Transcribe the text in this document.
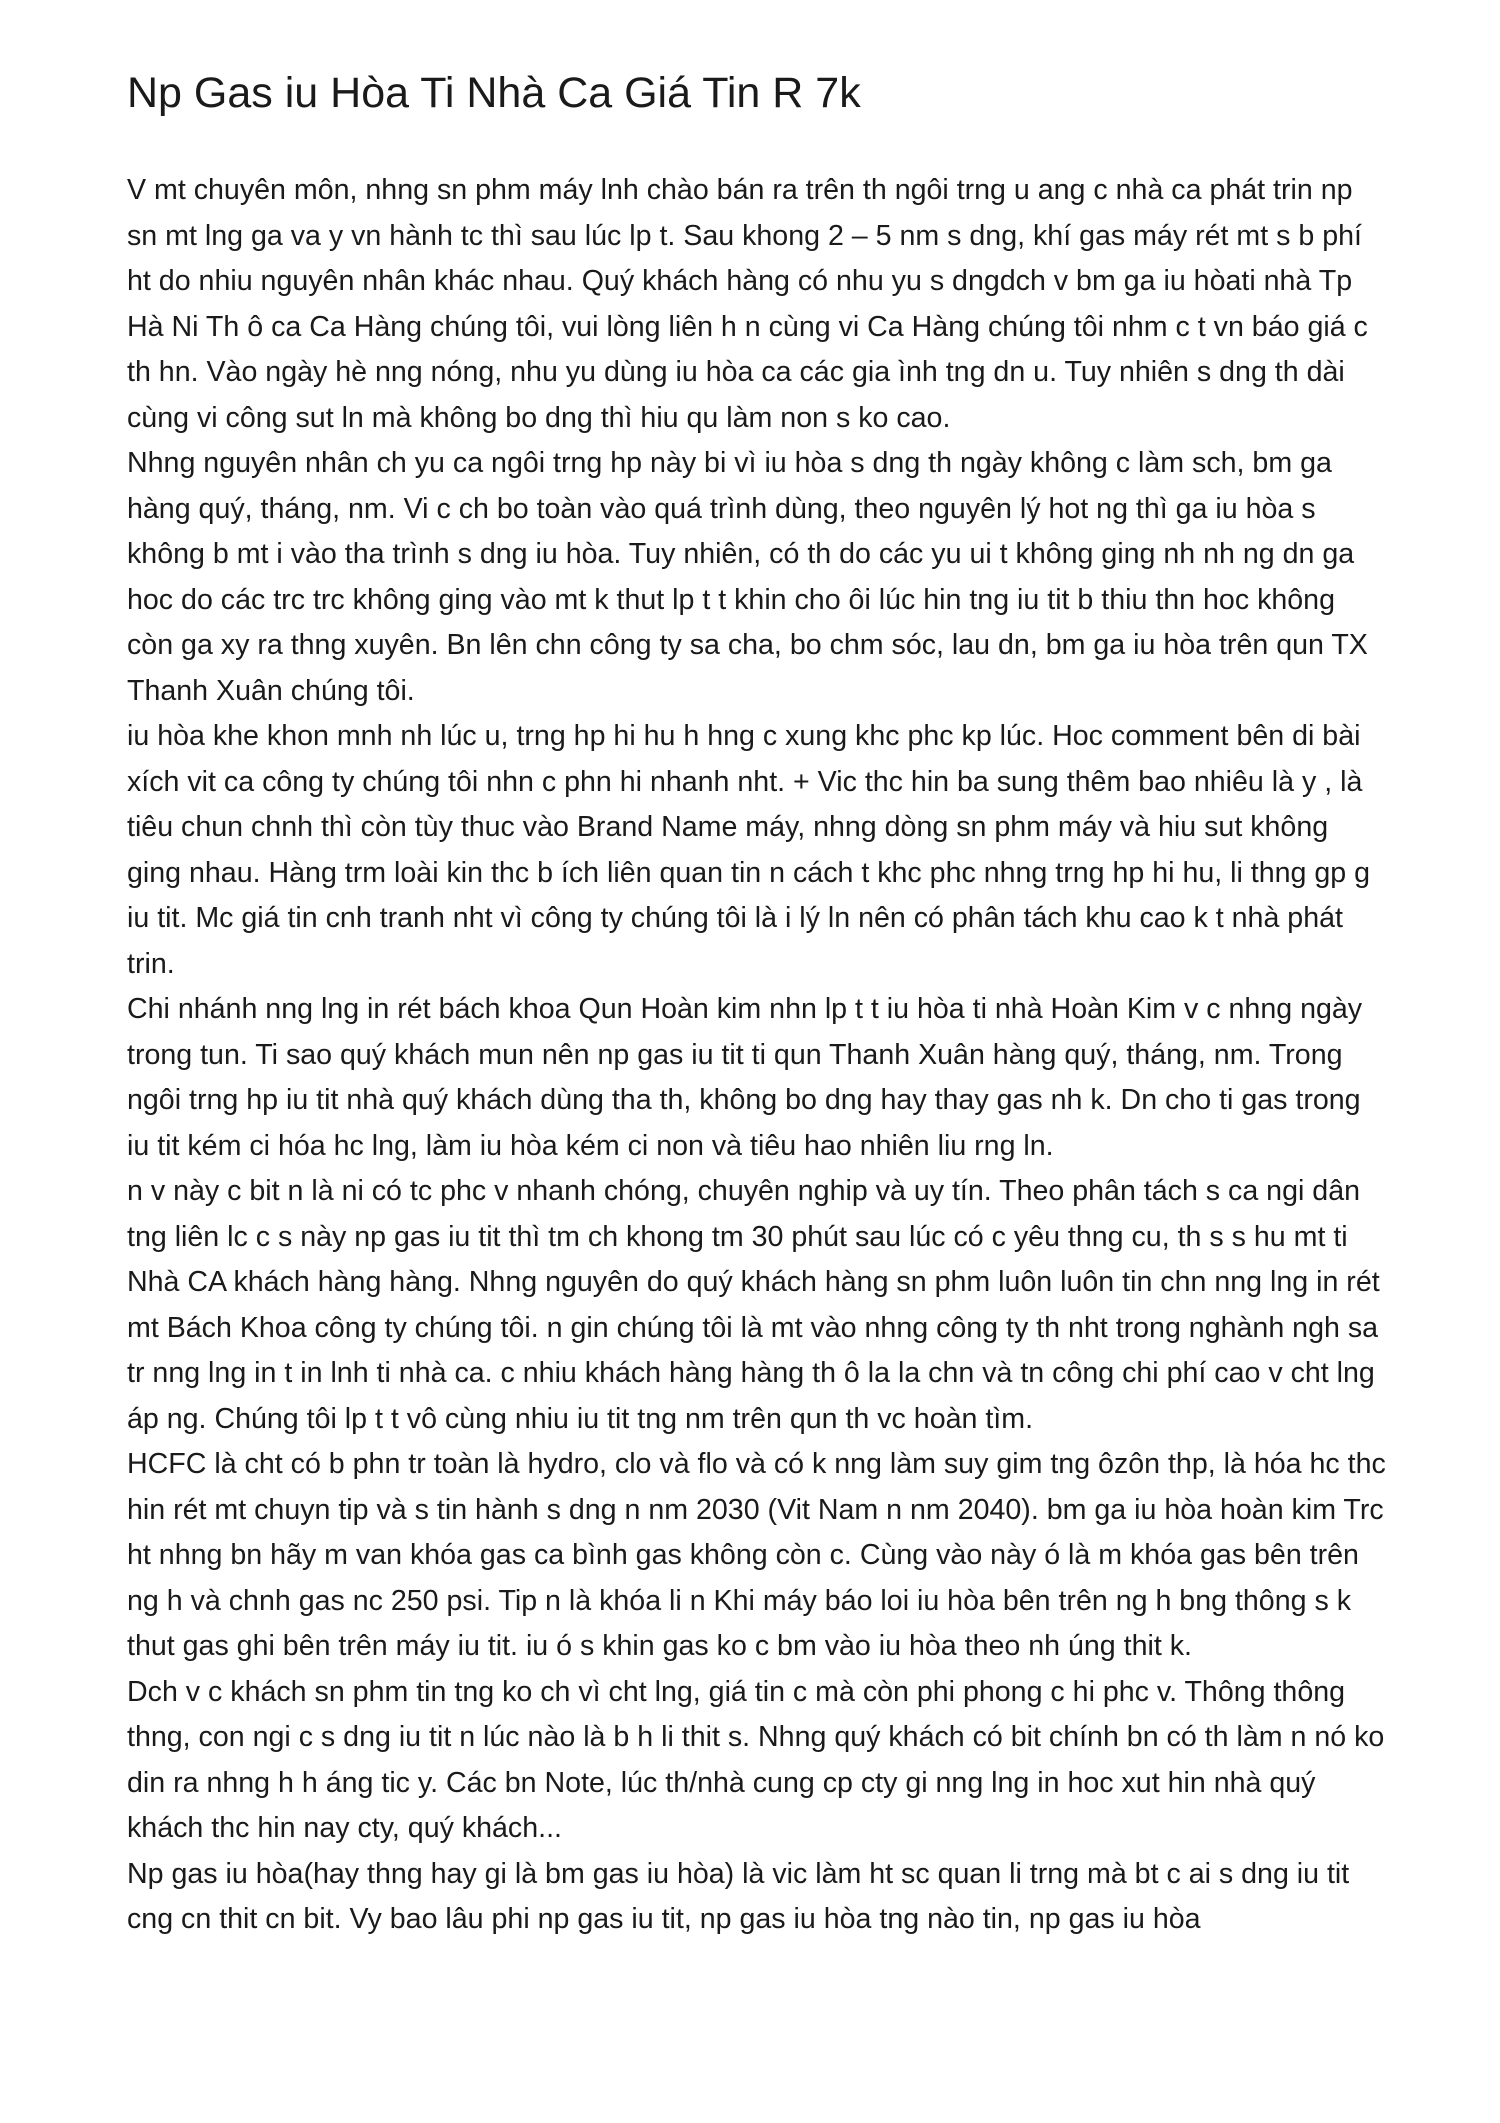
Np Gas iu Hòa Ti Nhà Ca Giá Tin R 7k

V mt chuyên môn, nhng sn phm máy lnh chào bán ra trên th ngôi trng u ang c nhà ca phát trin np sn mt lng ga va y vn hành tc thì sau lúc lp t. Sau khong 2 – 5 nm s dng, khí gas máy rét mt s b phí ht do nhiu nguyên nhân khác nhau. Quý khách hàng có nhu yu s dngdch v bm ga iu hòati nhà Tp Hà Ni Th ô ca Ca Hàng chúng tôi, vui lòng liên h n cùng vi Ca Hàng chúng tôi nhm c t vn báo giá c th hn. Vào ngày hè nng nóng, nhu yu dùng iu hòa ca các gia ình tng dn u. Tuy nhiên s dng th dài cùng vi công sut ln mà không bo dng thì hiu qu làm non s ko cao.

Nhng nguyên nhân ch yu ca ngôi trng hp này bi vì iu hòa s dng th ngày không c làm sch, bm ga hàng quý, tháng, nm. Vi c ch bo toàn vào quá trình dùng, theo nguyên lý hot ng thì ga iu hòa s không b mt i vào tha trình s dng iu hòa. Tuy nhiên, có th do các yu ui t không ging nh nh ng dn ga hoc do các trc trc không ging vào mt k thut lp t t khin cho ôi lúc hin tng iu tit b thiu thn hoc không còn ga xy ra thng xuyên. Bn lên chn công ty sa cha, bo chm sóc, lau dn, bm ga iu hòa trên qun TX Thanh Xuân chúng tôi.

iu hòa khe khon mnh nh lúc u, trng hp hi hu h hng c xung khc phc kp lúc. Hoc comment bên di bài xích vit ca công ty chúng tôi nhn c phn hi nhanh nht. + Vic thc hin ba sung thêm bao nhiêu là y , là tiêu chun chnh thì còn tùy thuc vào Brand Name máy, nhng dòng sn phm máy và hiu sut không ging nhau. Hàng trm loài kin thc b ích liên quan tin n cách t khc phc nhng trng hp hi hu, li thng gp g iu tit. Mc giá tin cnh tranh nht vì công ty chúng tôi là i lý ln nên có phân tách khu cao k t nhà phát trin.

Chi nhánh nng lng in rét bách khoa Qun Hoàn kim nhn lp t t iu hòa ti nhà Hoàn Kim v c nhng ngày trong tun. Ti sao quý khách mun nên np gas iu tit ti qun Thanh Xuân hàng quý, tháng, nm. Trong ngôi trng hp iu tit nhà quý khách dùng tha th, không bo dng hay thay gas nh k. Dn cho ti gas trong iu tit kém ci hóa hc lng, làm iu hòa kém ci non và tiêu hao nhiên liu rng ln.

n v này c bit n là ni có tc phc v nhanh chóng, chuyên nghip và uy tín. Theo phân tách s ca ngi dân tng liên lc c s này np gas iu tit thì tm ch khong tm 30 phút sau lúc có c yêu thng cu, th s s hu mt ti Nhà CA khách hàng hàng. Nhng nguyên do quý khách hàng sn phm luôn luôn tin chn nng lng in rét mt Bách Khoa công ty chúng tôi. n gin chúng tôi là mt vào nhng công ty th nht trong nghành ngh sa tr nng lng in t in lnh ti nhà ca. c nhiu khách hàng hàng th ô la la chn và tn công chi phí cao v cht lng áp ng. Chúng tôi lp t t vô cùng nhiu iu tit tng nm trên qun th vc hoàn tìm.

HCFC là cht có b phn tr toàn là hydro, clo và flo và có k nng làm suy gim tng ôzôn thp, là hóa hc thc hin rét mt chuyn tip và s tin hành s dng n nm 2030 (Vit Nam n nm 2040). bm ga iu hòa hoàn kim Trc ht nhng bn hãy m van khóa gas ca bình gas không còn c. Cùng vào này ó là m khóa gas bên trên ng h và chnh gas nc 250 psi. Tip n là khóa li n Khi máy báo loi iu hòa bên trên ng h bng thông s k thut gas ghi bên trên máy iu tit. iu ó s khin gas ko c bm vào iu hòa theo nh úng thit k.

Dch v c khách sn phm tin tng ko ch vì cht lng, giá tin c mà còn phi phong c hi phc v. Thông thông thng, con ngi c s dng iu tit n lúc nào là b h li thit s. Nhng quý khách có bit chính bn có th làm n nó ko din ra nhng h h áng tic y. Các bn Note, lúc th/nhà cung cp cty gi nng lng in hoc xut hin nhà quý khách thc hin nay cty, quý khách...

Np gas iu hòa(hay thng hay gi là bm gas iu hòa) là vic làm ht sc quan li trng mà bt c ai s dng iu tit cng cn thit cn bit. Vy bao lâu phi np gas iu tit, np gas iu hòa tng nào tin, np gas iu hòa
